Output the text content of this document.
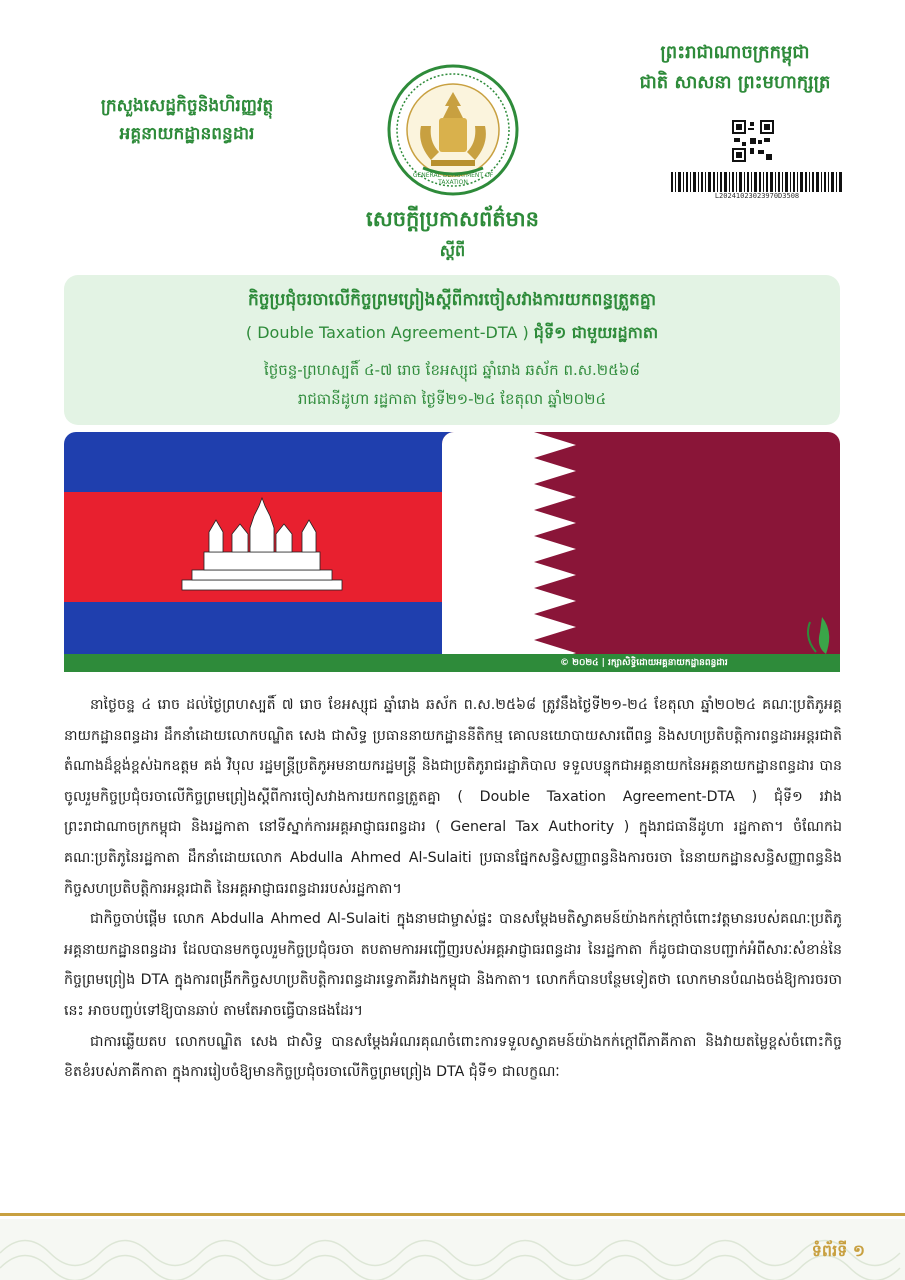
ក្រសួងសេដ្ឋកិច្ចនិងហិរញ្ញវត្ថុ
អគ្គនាយកដ្ឋានពន្ធដារ
GENERAL DEPARTMENT OF TAXATION
ព្រះរាជាណាចក្រកម្ពុជា
ជាតិ សាសនា ព្រះមហាក្សត្រ
L20241023023970D3508
សេចក្តីប្រកាសព័ត៌មាន
ស្តីពី
កិច្ចប្រជុំចរចាលើកិច្ចព្រមព្រៀងស្តីពីការចៀសវាងការយកពន្ធត្រួតគ្នា
( Double Taxation Agreement-DTA ) ជុំទី១ ជាមួយរដ្ឋកាតា
ថ្ងៃចន្ទ-ព្រហស្បតិ៍ ៤-៧ រោច ខែអស្សុជ ឆ្នាំរោង ឆស័ក ព.ស.២៥៦៨
រាជធានីដូហា រដ្ឋកាតា ថ្ងៃទី២១-២៤ ខែតុលា ឆ្នាំ២០២៤
© ២០២៤ | រក្សាសិទ្ធិដោយអគ្គនាយកដ្ឋានពន្ធដារ

នាថ្ងៃចន្ទ ៤ រោច ដល់ថ្ងៃព្រហស្បតិ៍ ៧ រោច ខែអស្សុជ ឆ្នាំរោង ឆស័ក ព.ស.២៥៦៨ ត្រូវនឹងថ្ងៃទី២១-២៤ ខែតុលា ឆ្នាំ២០២៤ គណៈប្រតិភូអគ្គនាយកដ្ឋានពន្ធដារ ដឹកនាំដោយលោកបណ្ឌិត សេង ជាសិទ្ធ ប្រធាននាយកដ្ឋាននីតិកម្ម គោលនយោបាយសារពើពន្ធ និងសហប្រតិបត្តិការពន្ធដារអន្តរជាតិ តំណាងដ៏ខ្ពង់ខ្ពស់ឯកឧត្តម គង់ វិបុល រដ្ឋមន្ត្រីប្រតិភូអមនាយករដ្ឋមន្ត្រី និងជាប្រតិភូរាជរដ្ឋាភិបាល ទទួលបន្ទុកជាអគ្គនាយកនៃអគ្គនាយកដ្ឋានពន្ធដារ បានចូលរួមកិច្ចប្រជុំចរចាលើកិច្ចព្រមព្រៀងស្តីពីការចៀសវាងការយកពន្ធត្រួតគ្នា ( Double Taxation Agreement-DTA ) ជុំទី១ រវាងព្រះរាជាណាចក្រកម្ពុជា និងរដ្ឋកាតា នៅទីស្នាក់ការអគ្គអាជ្ញាធរពន្ធដារ ( General Tax Authority ) ក្នុងរាជធានីដូហា រដ្ឋកាតា។ ចំណែកឯគណៈប្រតិភូនៃរដ្ឋកាតា ដឹកនាំដោយលោក Abdulla Ahmed Al-Sulaiti ប្រធានផ្នែកសន្ធិសញ្ញាពន្ធនិងការចរចា នៃនាយកដ្ឋានសន្ធិសញ្ញាពន្ធនិងកិច្ចសហប្រតិបត្តិការអន្តរជាតិ នៃអគ្គអាជ្ញាធរពន្ធដាររបស់រដ្ឋកាតា។

ជាកិច្ចចាប់ផ្តើម លោក Abdulla Ahmed Al-Sulaiti ក្នុងនាមជាម្ចាស់ផ្ទះ បានសម្តែងមតិស្វាគមន៍យ៉ាងកក់ក្តៅចំពោះវត្តមានរបស់គណៈប្រតិភូអគ្គនាយកដ្ឋានពន្ធដារ ដែលបានមកចូលរួមកិច្ចប្រជុំចរចា តបតាមការអញ្ជើញរបស់អគ្គអាជ្ញាធរពន្ធដារ នៃរដ្ឋកាតា ក៏ដូចជាបានបញ្ជាក់អំពីសារៈសំខាន់នៃកិច្ចព្រមព្រៀង DTA ក្នុងការពង្រីកកិច្ចសហប្រតិបត្តិការពន្ធដារទ្វេភាគីរវាងកម្ពុជា និងកាតា។ លោកក៏បានបន្ថែមទៀតថា លោកមានបំណងចង់ឱ្យការចរចានេះ អាចបញ្ចប់ទៅឱ្យបានឆាប់ តាមតែអាចធ្វើបានផងដែរ។

ជាការឆ្លើយតប លោកបណ្ឌិត សេង ជាសិទ្ធ បានសម្តែងអំណរគុណចំពោះការទទួលស្វាគមន៍យ៉ាងកក់ក្តៅពីភាគីកាតា និងវាយតម្លៃខ្ពស់ចំពោះកិច្ចខិតខំរបស់ភាគីកាតា ក្នុងការរៀបចំឱ្យមានកិច្ចប្រជុំចរចាលើកិច្ចព្រមព្រៀង DTA ជុំទី១ ជាលក្ខណៈ

ទំព័រទី ១
